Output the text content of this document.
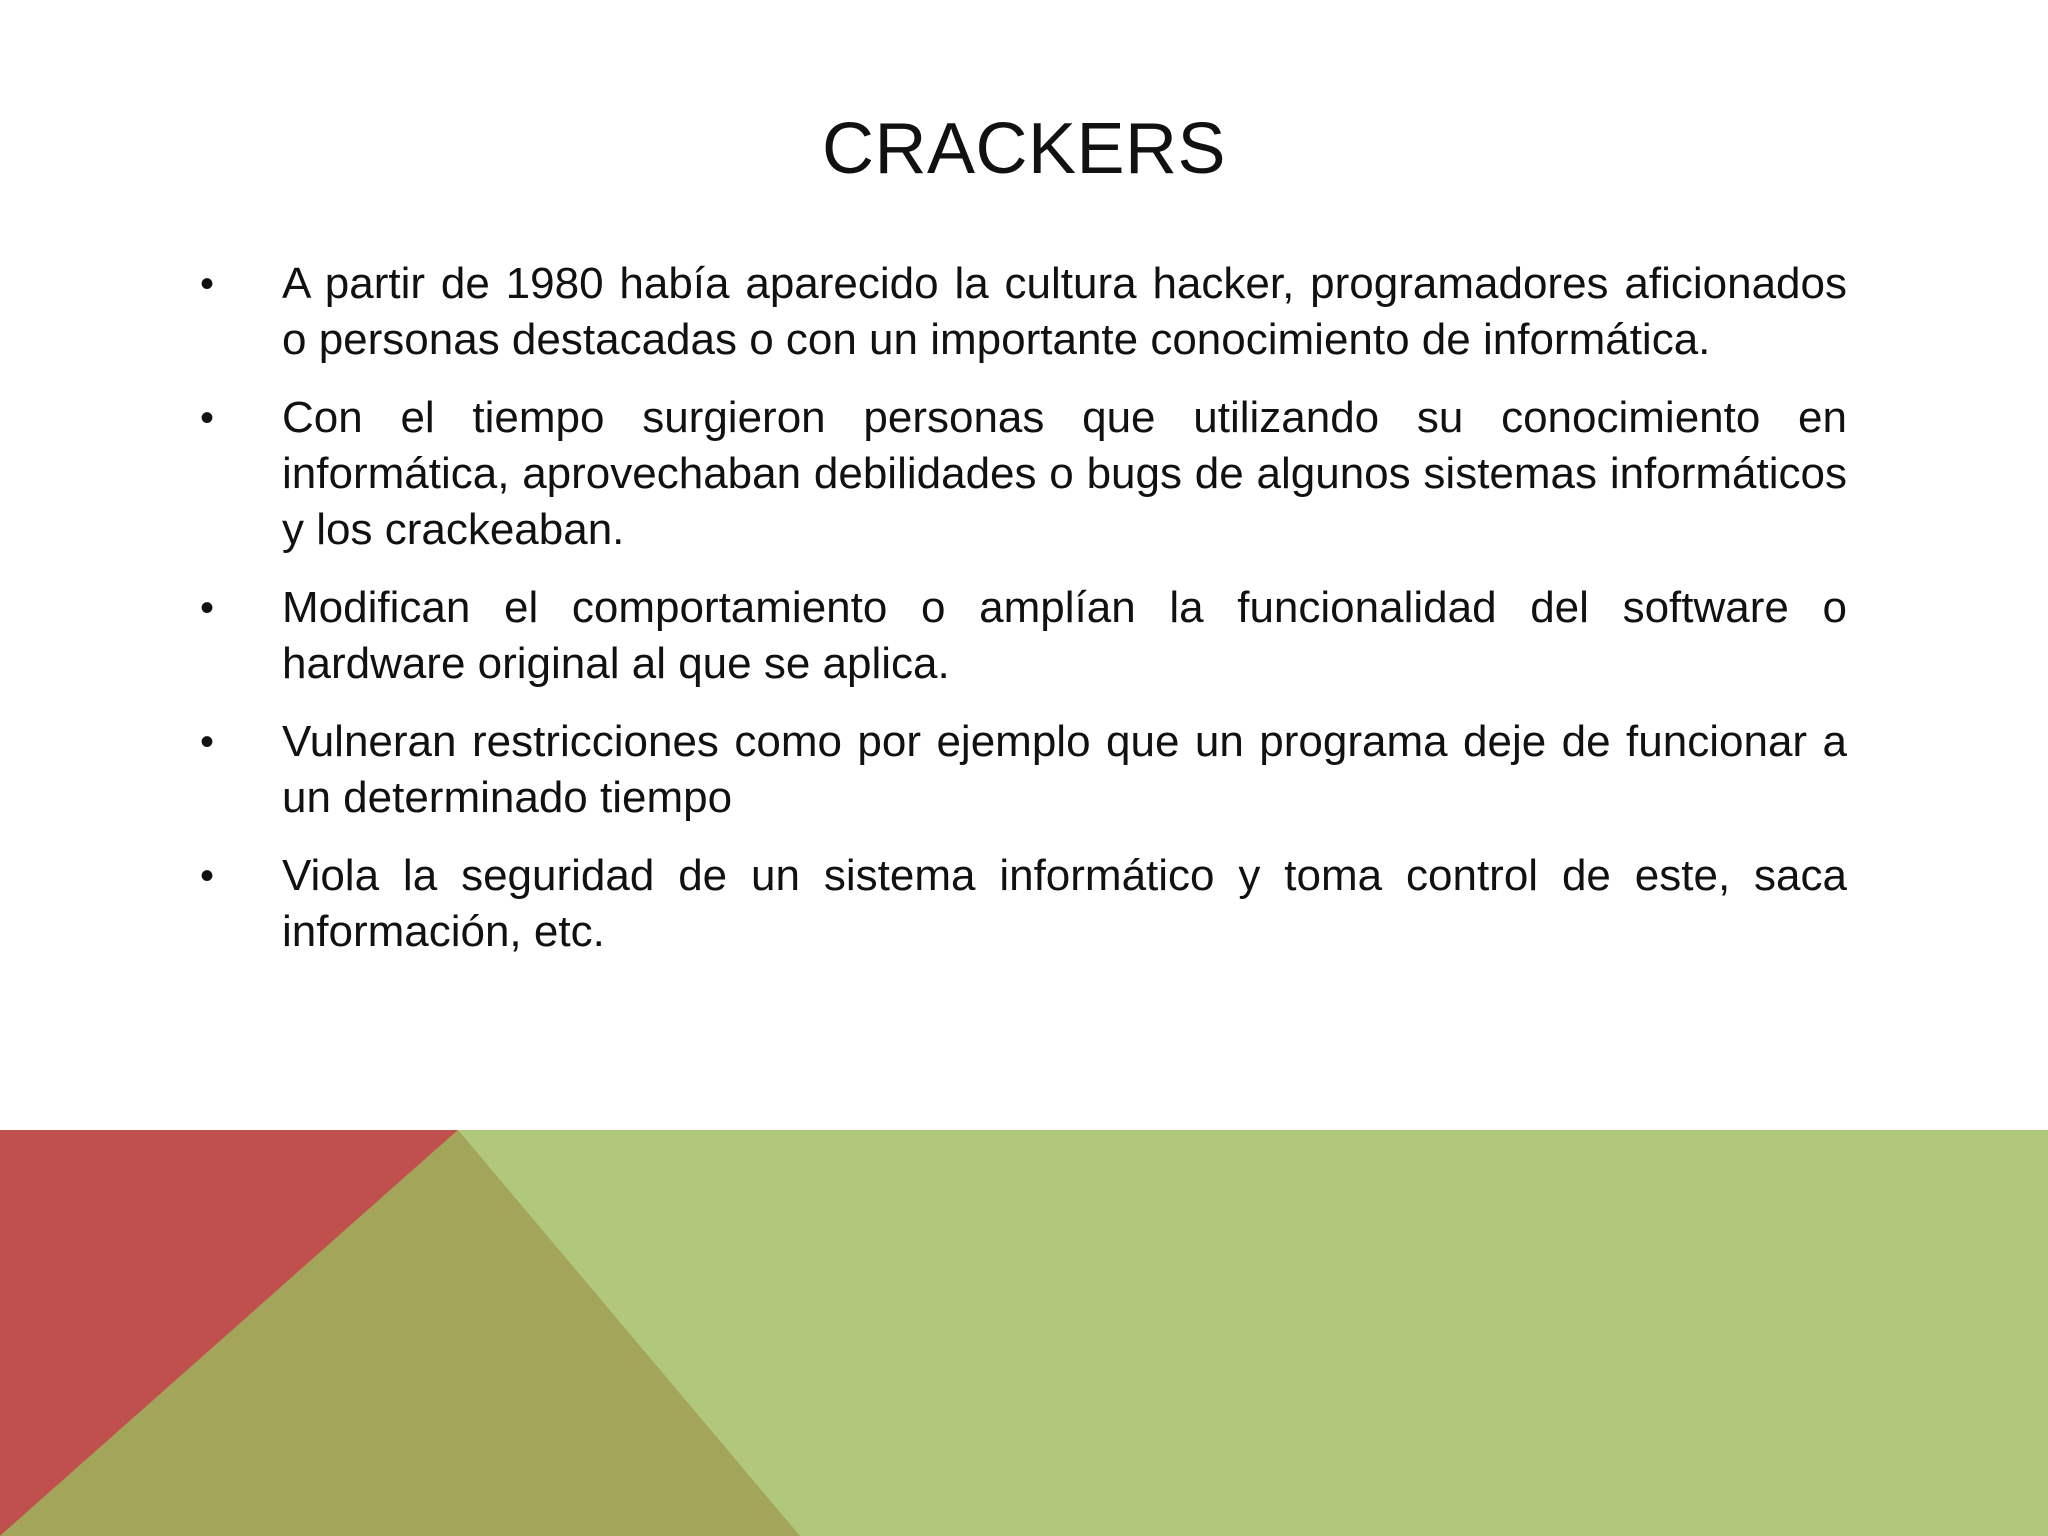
CRACKERS
• A partir de 1980 había aparecido la cultura hacker, programadores aficionados o personas destacadas o con un importante conocimiento de informática.
• Con el tiempo surgieron personas que utilizando su conocimiento en informática, aprovechaban debilidades o bugs de algunos sistemas informáticos y los crackeaban.
• Modifican el comportamiento o amplían la funcionalidad del software o hardware original al que se aplica.
• Vulneran restricciones como por ejemplo que un programa deje de funcionar a un determinado tiempo
• Viola la seguridad de un sistema informático y toma control de este, saca información, etc.
